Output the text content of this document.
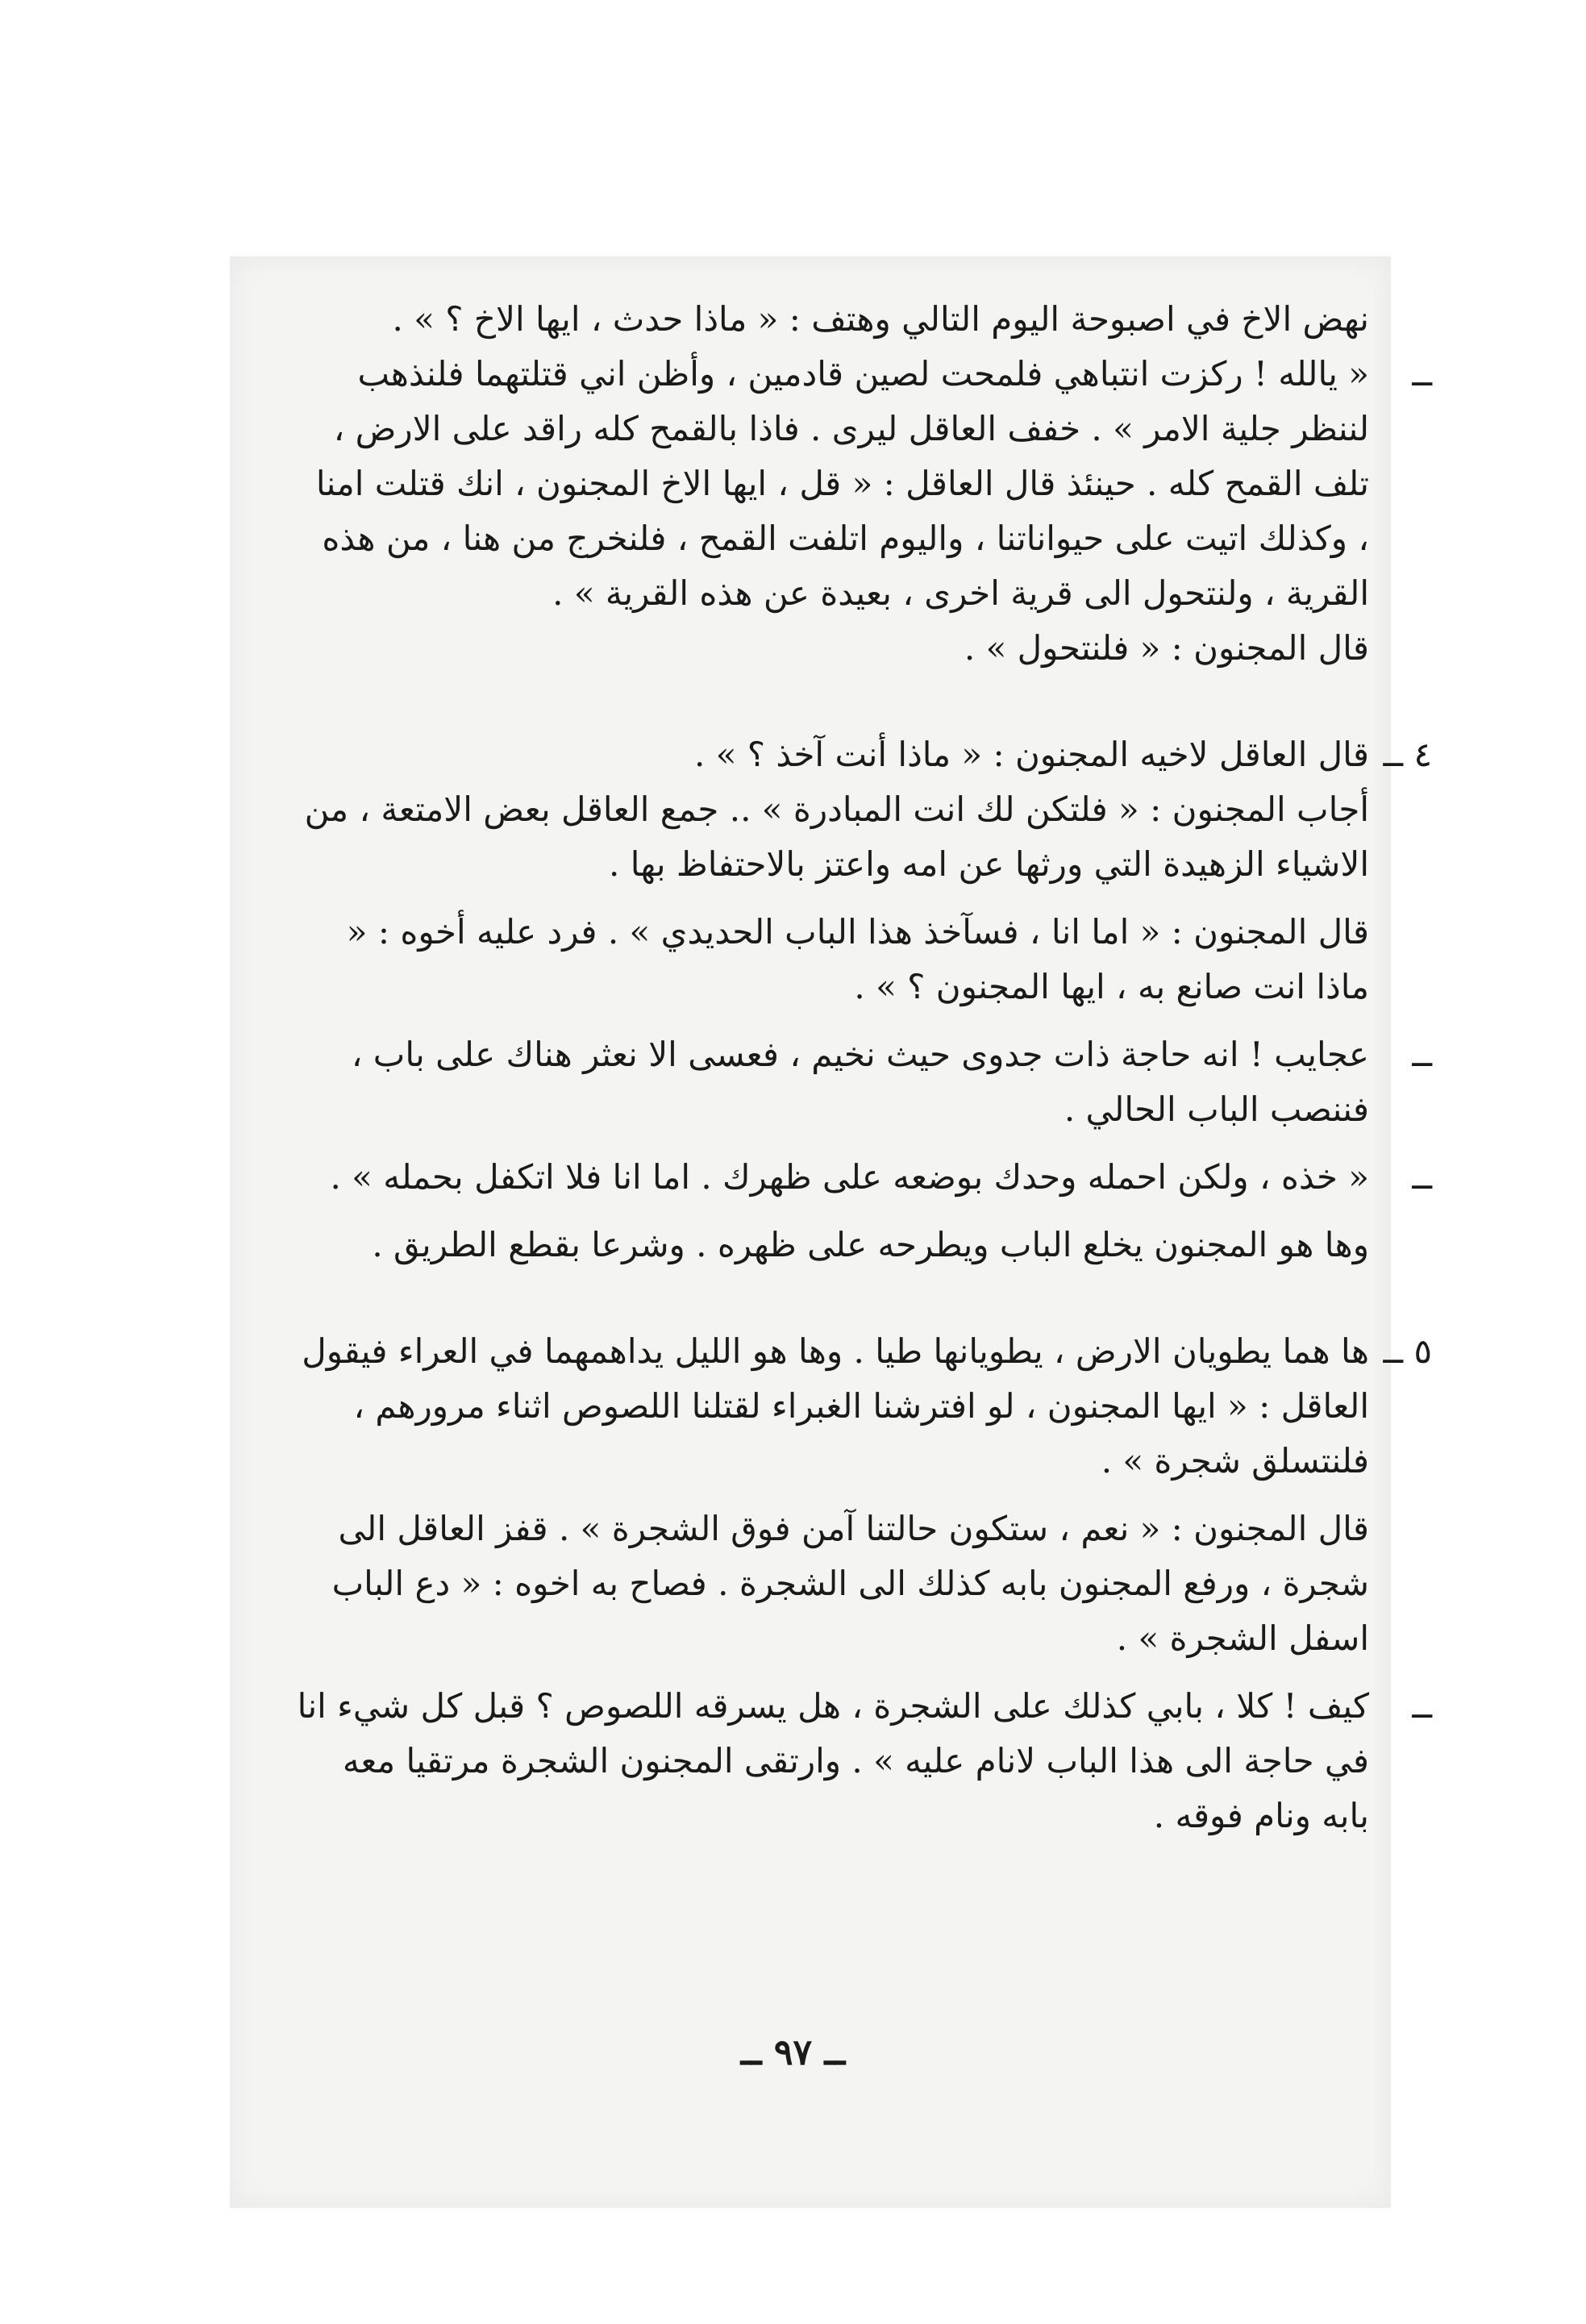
نهض الاخ في اصبوحة اليوم التالي وهتف : « ماذا حدث ، ايها الاخ ؟ » .

ــ
« يالله ! ركزت انتباهي فلمحت لصين قادمين ، وأظن اني قتلتهما فلنذهب لننظر جلية الامر » . خفف العاقل ليرى . فاذا بالقمح كله راقد على الارض ، تلف القمح كله . حينئذ قال العاقل : « قل ، ايها الاخ المجنون ، انك قتلت امنا ، وكذلك اتيت على حيواناتنا ، واليوم اتلفت القمح ، فلنخرج من هنا ، من هذه القرية ، ولنتحول الى قرية اخرى ، بعيدة عن هذه القرية » .

قال المجنون : « فلنتحول » .

٤ ــ
قال العاقل لاخيه المجنون : « ماذا أنت آخذ ؟ » .

أجاب المجنون : « فلتكن لك انت المبادرة » .. جمع العاقل بعض الامتعة ، من الاشياء الزهيدة التي ورثها عن امه واعتز بالاحتفاظ بها .

قال المجنون : « اما انا ، فسآخذ هذا الباب الحديدي » . فرد عليه أخوه : « ماذا انت صانع به ، ايها المجنون ؟ » .

ــ
عجايب ! انه حاجة ذات جدوى حيث نخيم ، فعسى الا نعثر هناك على باب ، فننصب الباب الحالي .

ــ
« خذه ، ولكن احمله وحدك بوضعه على ظهرك . اما انا فلا اتكفل بحمله » .

وها هو المجنون يخلع الباب ويطرحه على ظهره . وشرعا بقطع الطريق .

٥ ــ
ها هما يطويان الارض ، يطويانها طيا . وها هو الليل يداهمهما في العراء فيقول العاقل : « ايها المجنون ، لو افترشنا الغبراء لقتلنا اللصوص اثناء مرورهم ، فلنتسلق شجرة » .

قال المجنون : « نعم ، ستكون حالتنا آمن فوق الشجرة » . قفز العاقل الى شجرة ، ورفع المجنون بابه كذلك الى الشجرة . فصاح به اخوه : « دع الباب اسفل الشجرة » .

ــ
كيف ! كلا ، بابي كذلك على الشجرة ، هل يسرقه اللصوص ؟ قبل كل شيء انا في حاجة الى هذا الباب لانام عليه » . وارتقى المجنون الشجرة مرتقيا معه بابه ونام فوقه .

ــ ٩٧ ــ
